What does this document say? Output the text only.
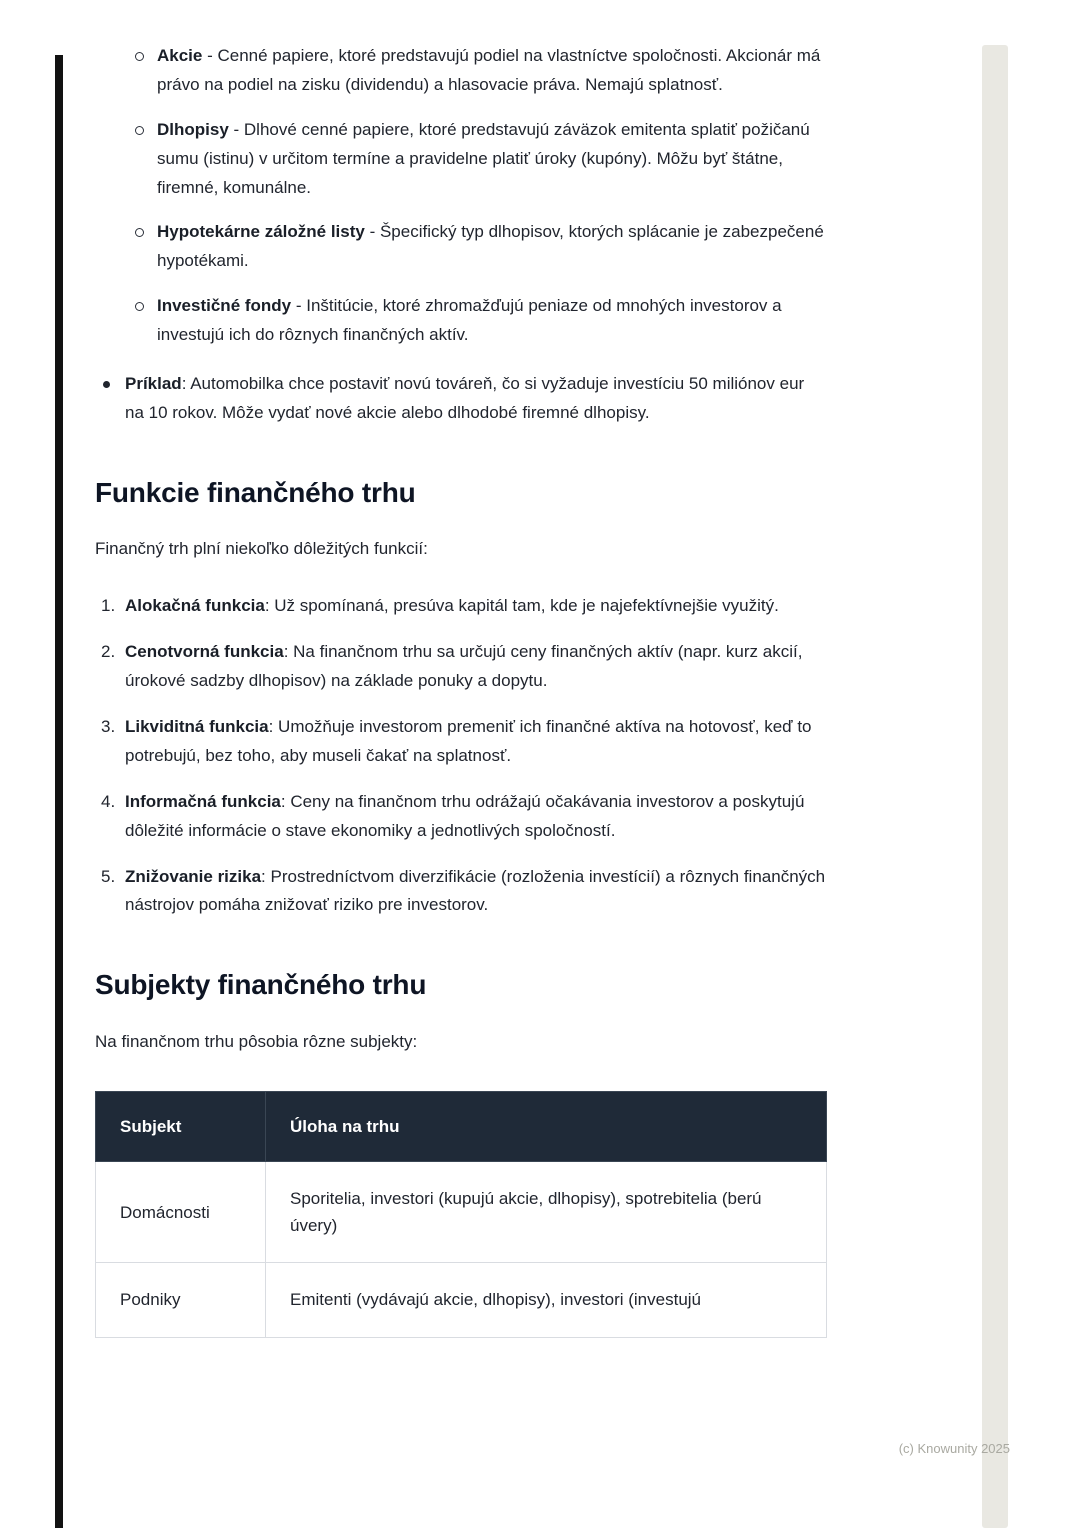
Akcie - Cenné papiere, ktoré predstavujú podiel na vlastníctve spoločnosti. Akcionár má právo na podiel na zisku (dividendu) a hlasovacie práva. Nemajú splatnosť.
Dlhopisy - Dlhové cenné papiere, ktoré predstavujú záväzok emitenta splatiť požičanú sumu (istinu) v určitom termíne a pravidelne platiť úroky (kupóny). Môžu byť štátne, firemné, komunálne.
Hypotekárne záložné listy - Špecifický typ dlhopisov, ktorých splácanie je zabezpečené hypotékami.
Investičné fondy - Inštitúcie, ktoré zhromažďujú peniaze od mnohých investorov a investujú ich do rôznych finančných aktív.
Príklad: Automobilka chce postaviť novú továreň, čo si vyžaduje investíciu 50 miliónov eur na 10 rokov. Môže vydať nové akcie alebo dlhodobé firemné dlhopisy.
Funkcie finančného trhu

Finančný trh plní niekoľko dôležitých funkcií:

1. Alokačná funkcia: Už spomínaná, presúva kapitál tam, kde je najefektívnejšie využitý.
2. Cenotvorná funkcia: Na finančnom trhu sa určujú ceny finančných aktív (napr. kurz akcií, úrokové sadzby dlhopisov) na základe ponuky a dopytu.
3. Likviditná funkcia: Umožňuje investorom premeniť ich finančné aktíva na hotovosť, keď to potrebujú, bez toho, aby museli čakať na splatnosť.
4. Informačná funkcia: Ceny na finančnom trhu odrážajú očakávania investorov a poskytujú dôležité informácie o stave ekonomiky a jednotlivých spoločností.
5. Znižovanie rizika: Prostredníctvom diverzifikácie (rozloženia investícií) a rôznych finančných nástrojov pomáha znižovať riziko pre investorov.
Subjekty finančného trhu

Na finančnom trhu pôsobia rôzne subjekty:

Subjekt	Úloha na trhu
Domácnosti	Sporitelia, investori (kupujú akcie, dlhopisy), spotrebitelia (berú úvery)
Podniky	Emitenti (vydávajú akcie, dlhopisy), investori (investujú
(c) Knowunity 2025
